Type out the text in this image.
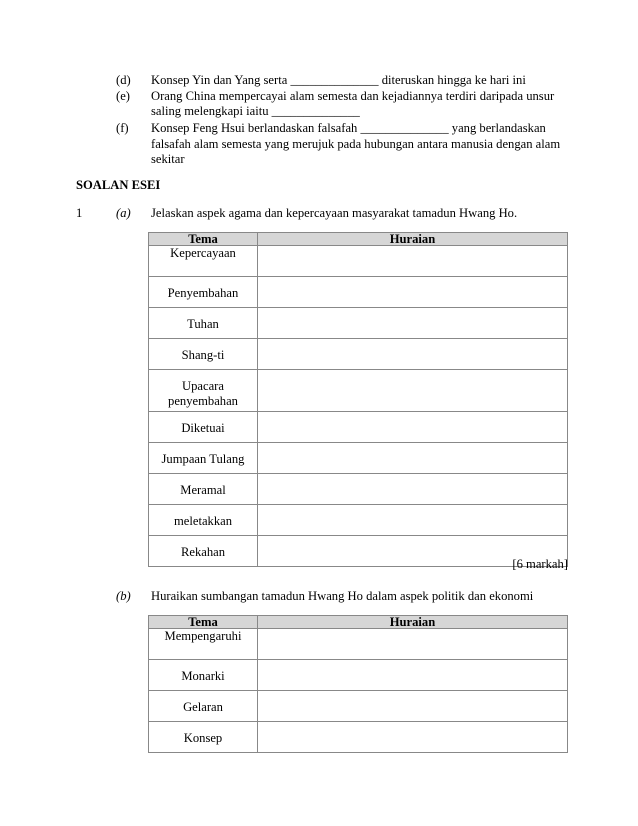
(d) Konsep Yin dan Yang serta ______________ diteruskan hingga ke hari ini
(e) Orang China mempercayai alam semesta dan kejadiannya terdiri daripada unsur
saling melengkapi iaitu ______________
(f) Konsep Feng Hsui berlandaskan falsafah ______________ yang berlandaskan
falsafah alam semesta yang merujuk pada hubungan antara manusia dengan alam
sekitar
SOALAN ESEI
1	(a) Jelaskan aspek agama dan kepercayaan masyarakat tamadun Hwang Ho.
Tema	Huraian
Kepercayaan	
Penyembahan	
Tuhan	
Shang-ti	
Upacara penyembahan	
Diketuai	
Jumpaan Tulang	
Meramal	
meletakkan	
Rekahan	
[6 markah]
(b) Huraikan sumbangan tamadun Hwang Ho dalam aspek politik dan ekonomi
Tema	Huraian
Mempengaruhi	
Monarki	
Gelaran	
Konsep	
